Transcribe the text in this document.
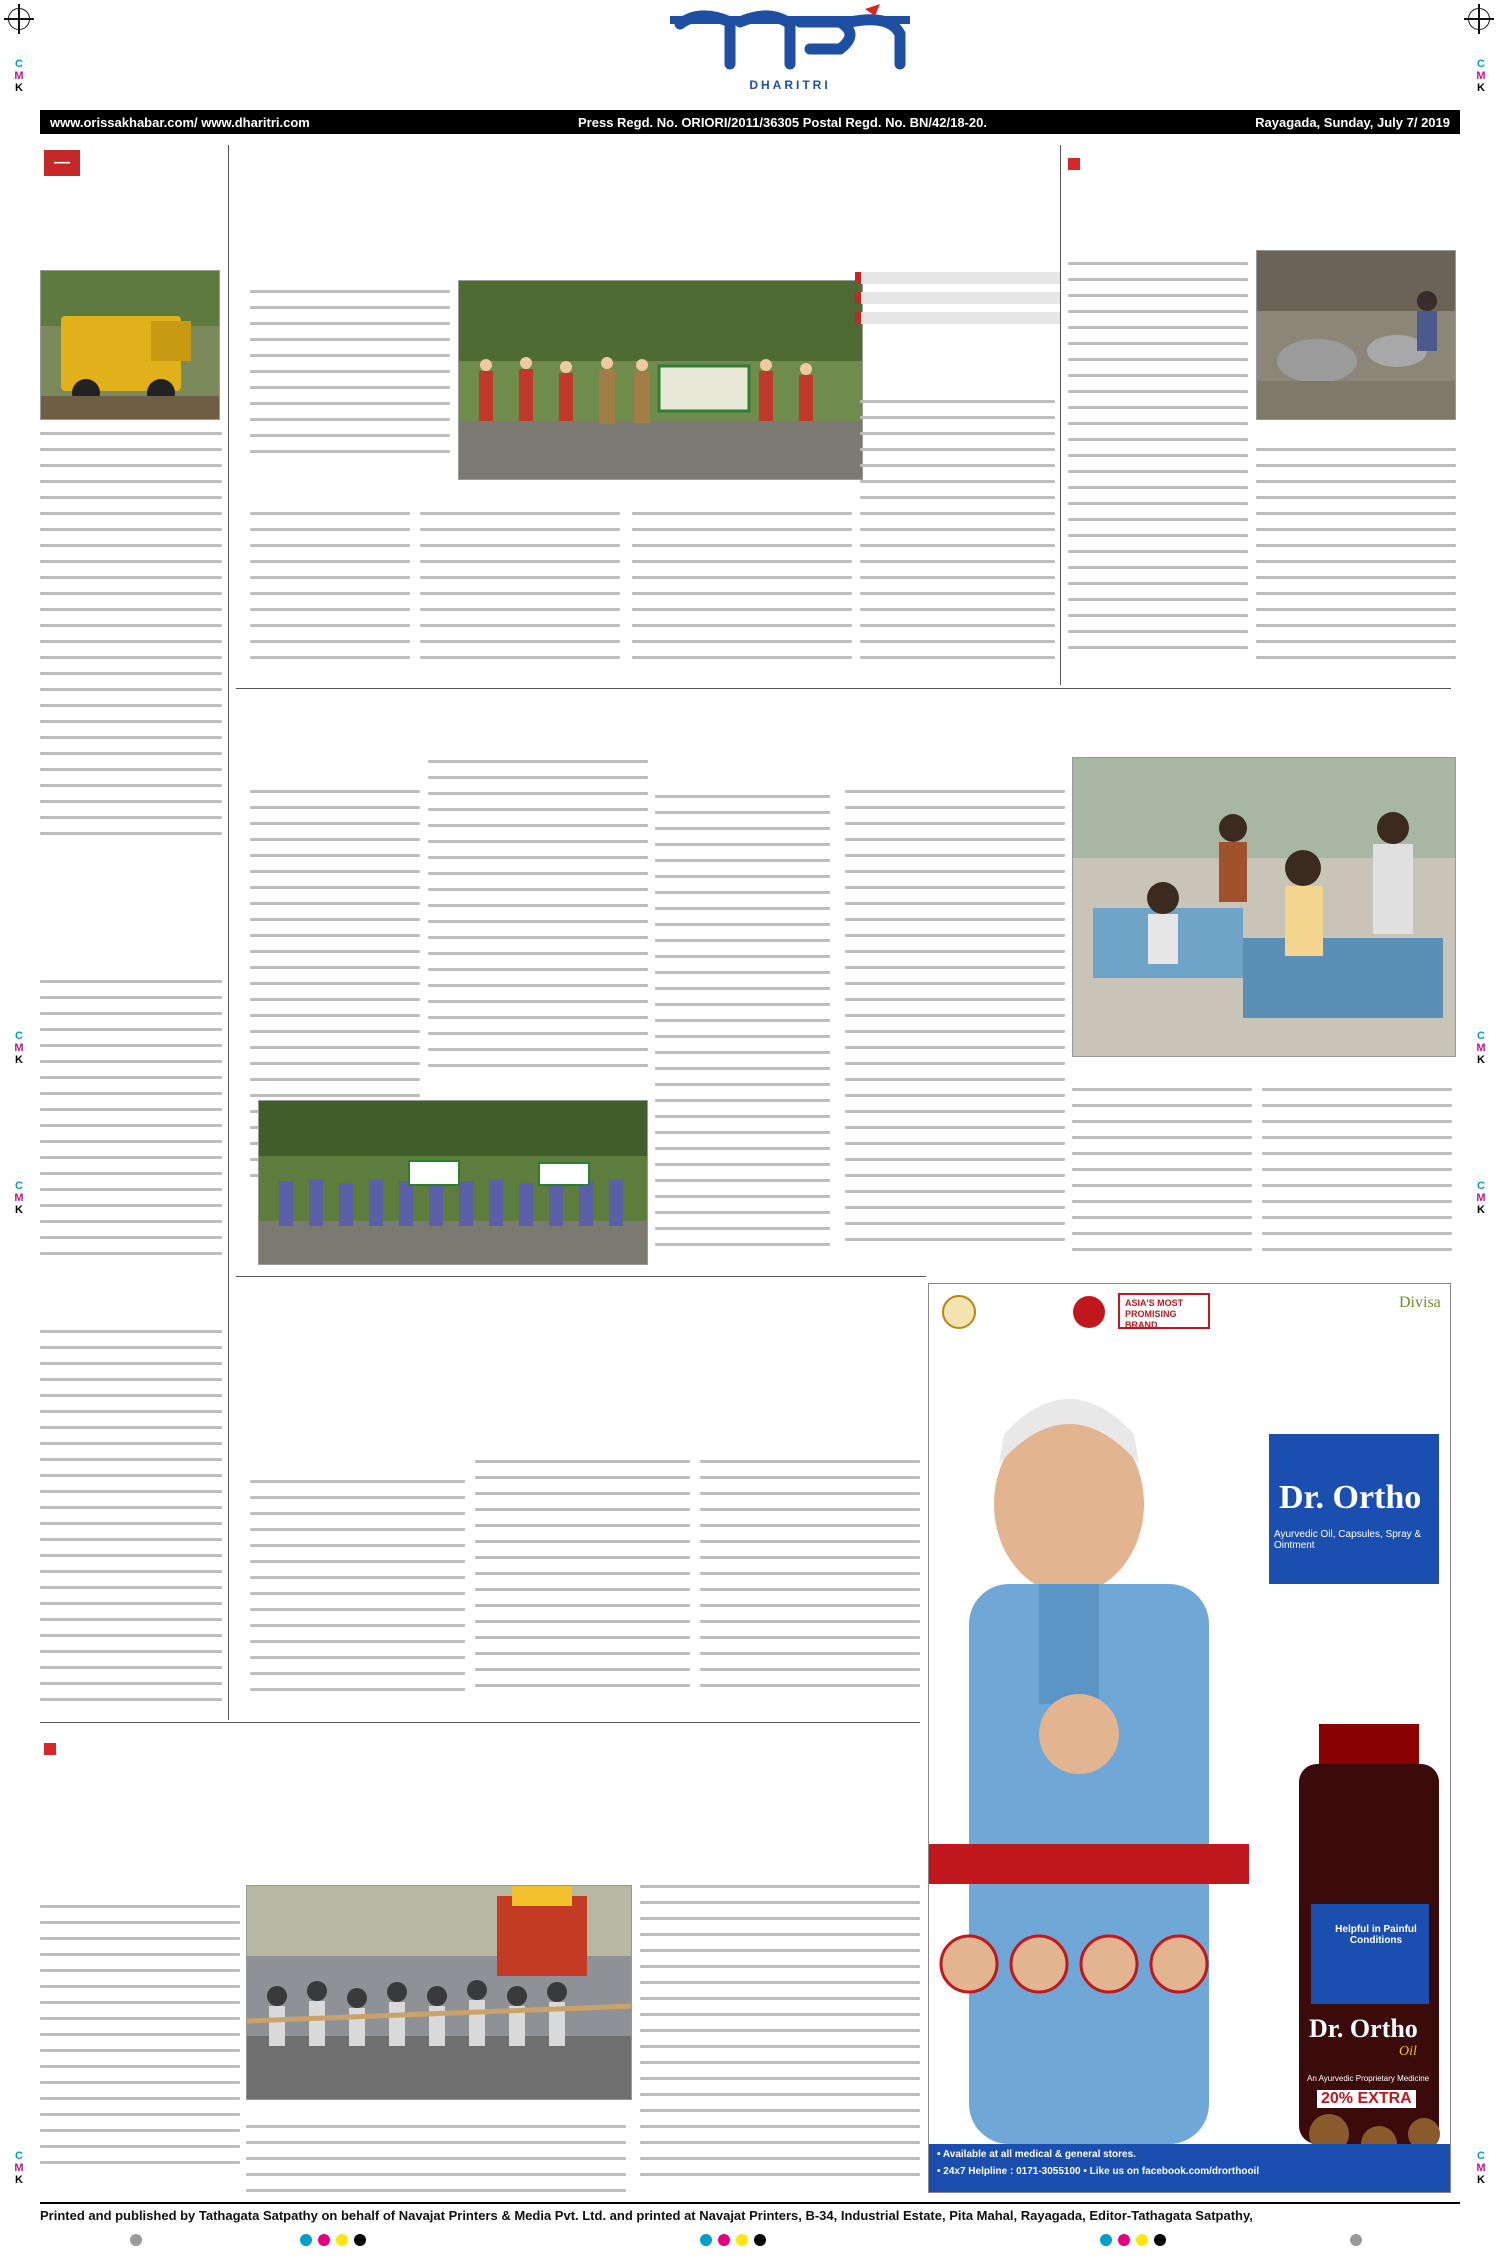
C
M
K
C
M
K
C
M
K
C
M
K
C
M
K
C
M
K
C
M
K
C
M
K
DHARITRI
www.orissakhabar.com/ www.dharitri.com	Press Regd. No. ORIORI/2011/36305 Postal Regd. No. BN/42/18-20.	Rayagada, Sunday, July 7/ 2019
—
Divisa
ASIA'S MOST PROMISING BRAND
Dr. Ortho
Ayurvedic Oil, Capsules, Spray & Ointment
Helpful in Painful Conditions
Dr. Ortho
Oil
An Ayurvedic Proprietary Medicine
20% EXTRA
• Available at all medical & general stores.
• 24x7 Helpline : 0171-3055100 • Like us on facebook.com/drorthooil
Printed and published by Tathagata Satpathy on behalf of Navajat Printers & Media Pvt. Ltd. and printed at Navajat Printers, B-34, Industrial Estate, Pita Mahal, Rayagada, Editor-Tathagata Satpathy,
